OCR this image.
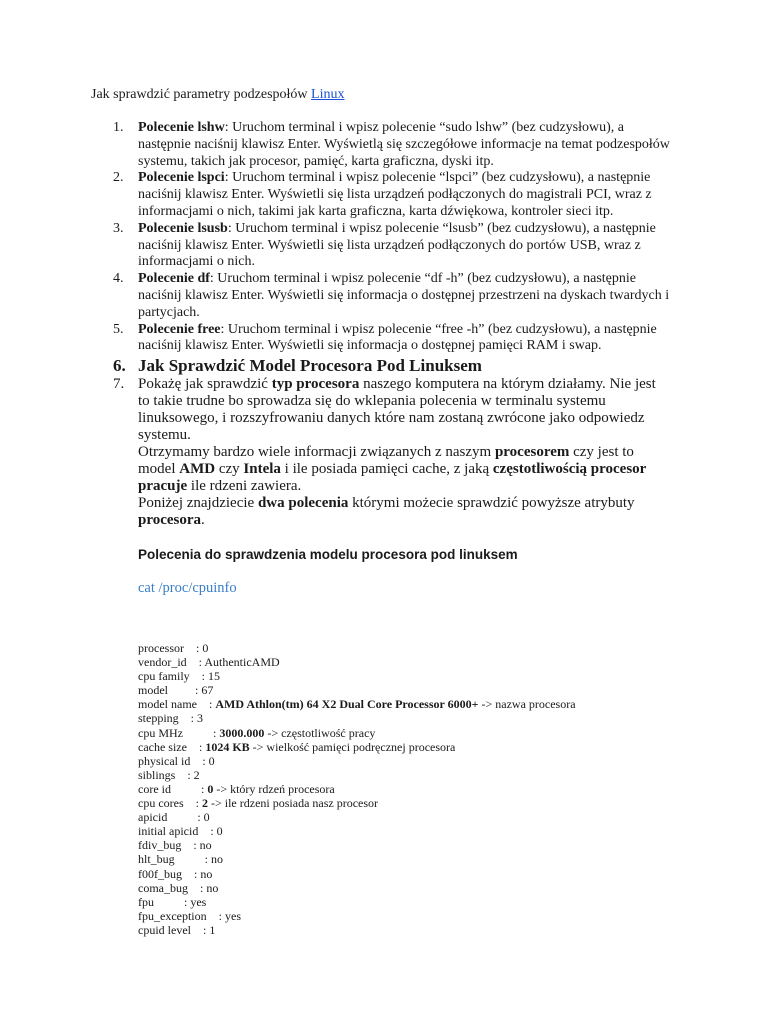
Jak sprawdzić parametry podzespołów Linux
1.	Polecenie lshw: Uruchom terminal i wpisz polecenie “sudo lshw” (bez cudzysłowu), a następnie naciśnij klawisz Enter. Wyświetlą się szczegółowe informacje na temat podzespołów systemu, takich jak procesor, pamięć, karta graficzna, dyski itp.
2.	Polecenie lspci: Uruchom terminal i wpisz polecenie “lspci” (bez cudzysłowu), a następnie naciśnij klawisz Enter. Wyświetli się lista urządzeń podłączonych do magistrali PCI, wraz z informacjami o nich, takimi jak karta graficzna, karta dźwiękowa, kontroler sieci itp.
3.	Polecenie lsusb: Uruchom terminal i wpisz polecenie “lsusb” (bez cudzysłowu), a następnie naciśnij klawisz Enter. Wyświetli się lista urządzeń podłączonych do portów USB, wraz z informacjami o nich.
4.	Polecenie df: Uruchom terminal i wpisz polecenie “df -h” (bez cudzysłowu), a następnie naciśnij klawisz Enter. Wyświetli się informacja o dostępnej przestrzeni na dyskach twardych i partycjach.
5.	Polecenie free: Uruchom terminal i wpisz polecenie “free -h” (bez cudzysłowu), a następnie naciśnij klawisz Enter. Wyświetli się informacja o dostępnej pamięci RAM i swap.
6. Jak Sprawdzić Model Procesora Pod Linuksem
7. Pokażę jak sprawdzić typ procesora naszego komputera na którym działamy. Nie jest to takie trudne bo sprowadza się do wklepania polecenia w terminalu systemu linuksowego, i rozszyfrowaniu danych które nam zostaną zwrócone jako odpowiedz systemu.
Otrzymamy bardzo wiele informacji związanych z naszym procesorem czy jest to model AMD czy Intela i ile posiada pamięci cache, z jaką częstotliwością procesor pracuje ile rdzeni zawiera.
Poniżej znajdziecie dwa polecenia którymi możecie sprawdzić powyższe atrybuty procesora.
Polecenia do sprawdzenia modelu procesora pod linuksem
cat /proc/cpuinfo
processor    : 0
vendor_id    : AuthenticAMD
cpu family    : 15
model         : 67
model name    : AMD Athlon(tm) 64 X2 Dual Core Processor 6000+ -> nazwa procesora
stepping    : 3
cpu MHz          : 3000.000 -> częstotliwość pracy
cache size    : 1024 KB -> wielkość pamięci podręcznej procesora
physical id    : 0
siblings    : 2
core id          : 0 -> który rdzeń procesora
cpu cores    : 2 -> ile rdzeni posiada nasz procesor
apicid          : 0
initial apicid    : 0
fdiv_bug    : no
hlt_bug          : no
f00f_bug    : no
coma_bug    : no
fpu          : yes
fpu_exception    : yes
cpuid level    : 1
